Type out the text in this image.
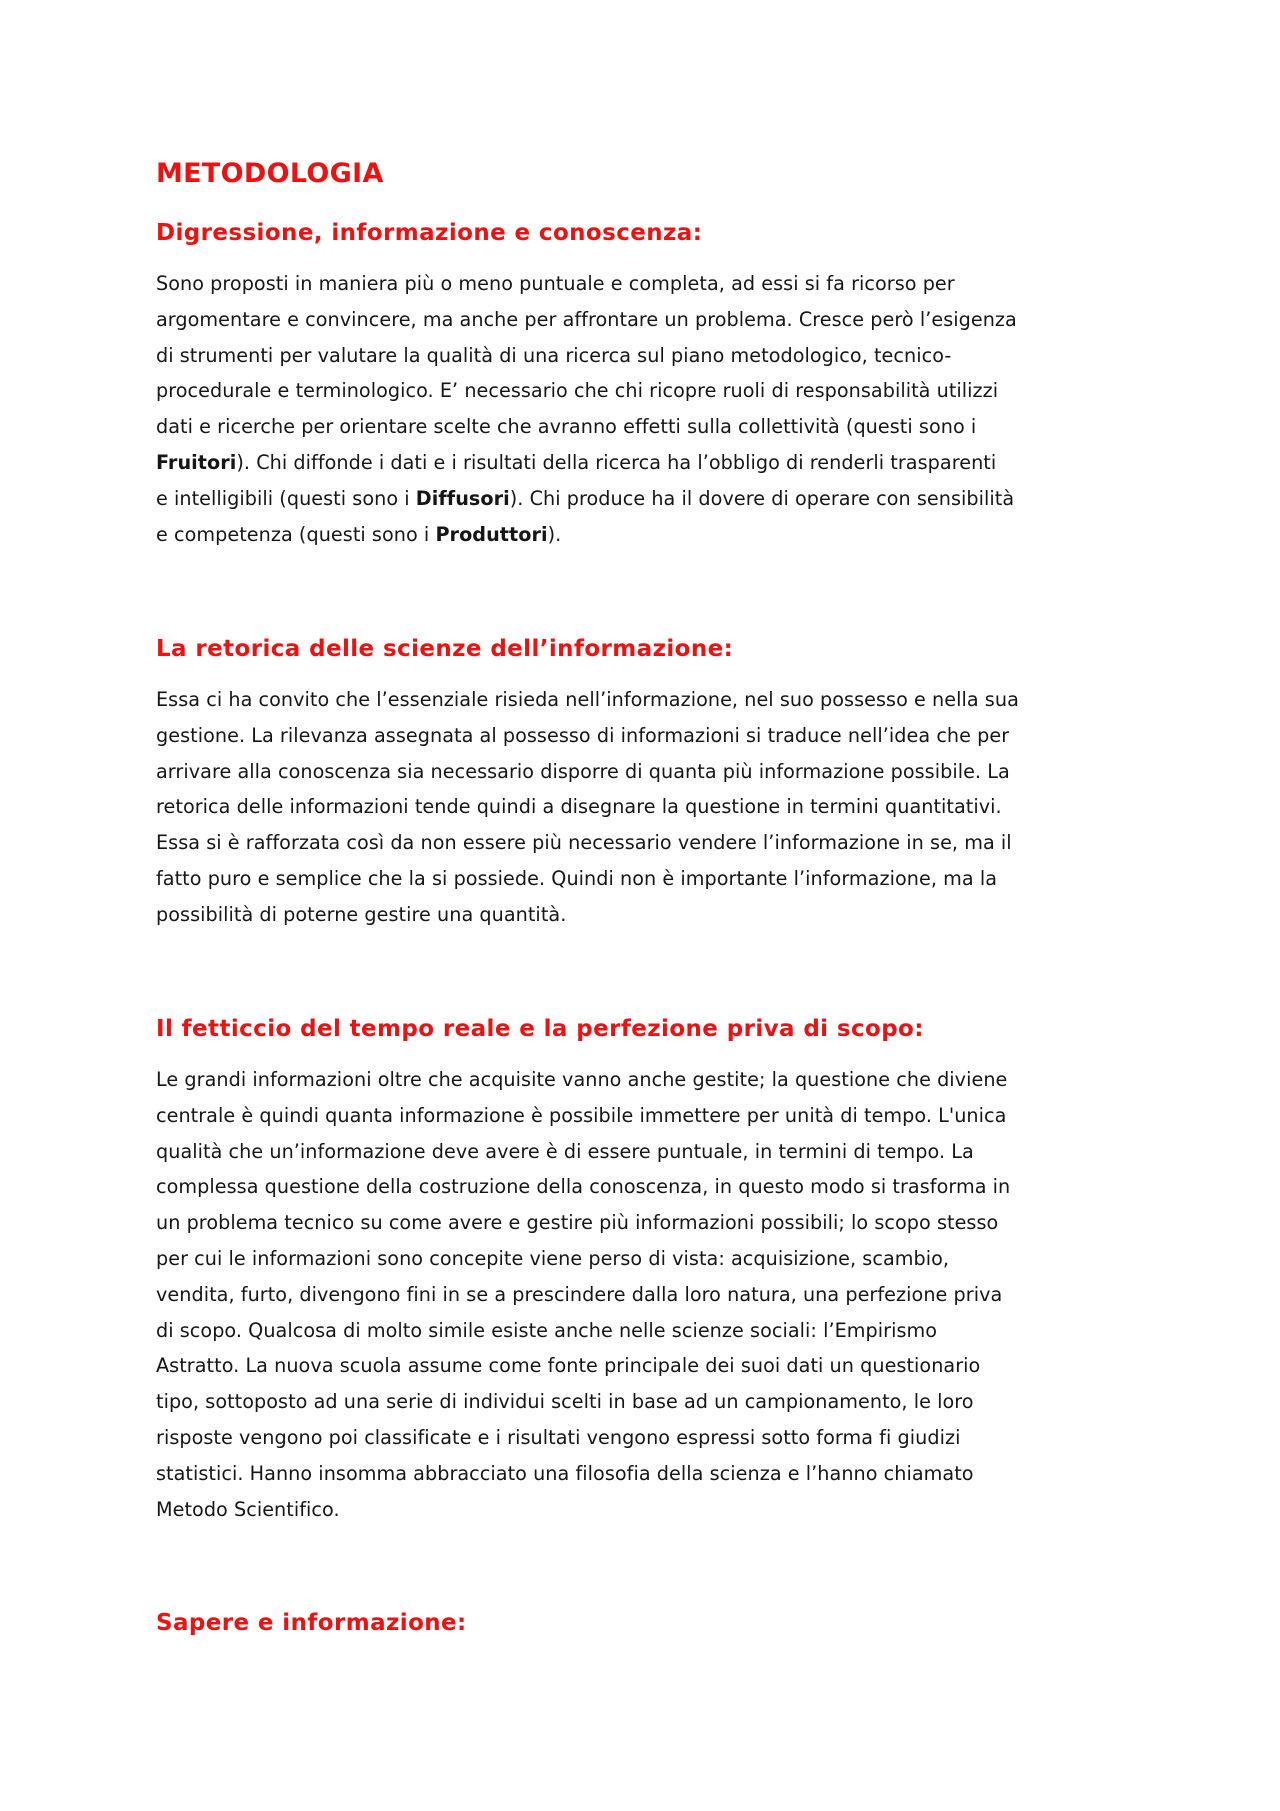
METODOLOGIA
Digressione, informazione e conoscenza:

Sono proposti in maniera più o meno puntuale e completa, ad essi si fa ricorso per
argomentare e convincere, ma anche per affrontare un problema. Cresce però l’esigenza
di strumenti per valutare la qualità di una ricerca sul piano metodologico, tecnico-
procedurale e terminologico. E’ necessario che chi ricopre ruoli di responsabilità utilizzi
dati e ricerche per orientare scelte che avranno effetti sulla collettività (questi sono i
Fruitori). Chi diffonde i dati e i risultati della ricerca ha l’obbligo di renderli trasparenti
e intelligibili (questi sono i Diffusori). Chi produce ha il dovere di operare con sensibilità
e competenza (questi sono i Produttori).

La retorica delle scienze dell’informazione:

Essa ci ha convito che l’essenziale risieda nell’informazione, nel suo possesso e nella sua
gestione. La rilevanza assegnata al possesso di informazioni si traduce nell’idea che per
arrivare alla conoscenza sia necessario disporre di quanta più informazione possibile. La
retorica delle informazioni tende quindi a disegnare la questione in termini quantitativi.
Essa si è rafforzata così da non essere più necessario vendere l’informazione in se, ma il
fatto puro e semplice che la si possiede. Quindi non è importante l’informazione, ma la
possibilità di poterne gestire una quantità.

Il fetticcio del tempo reale e la perfezione priva di scopo:

Le grandi informazioni oltre che acquisite vanno anche gestite; la questione che diviene
centrale è quindi quanta informazione è possibile immettere per unità di tempo. L'unica
qualità che un’informazione deve avere è di essere puntuale, in termini di tempo. La
complessa questione della costruzione della conoscenza, in questo modo si trasforma in
un problema tecnico su come avere e gestire più informazioni possibili; lo scopo stesso
per cui le informazioni sono concepite viene perso di vista: acquisizione, scambio,
vendita, furto, divengono fini in se a prescindere dalla loro natura, una perfezione priva
di scopo. Qualcosa di molto simile esiste anche nelle scienze sociali: l’Empirismo
Astratto. La nuova scuola assume come fonte principale dei suoi dati un questionario
tipo, sottoposto ad una serie di individui scelti in base ad un campionamento, le loro
risposte vengono poi classificate e i risultati vengono espressi sotto forma fi giudizi
statistici. Hanno insomma abbracciato una filosofia della scienza e l’hanno chiamato
Metodo Scientifico.

Sapere e informazione:
